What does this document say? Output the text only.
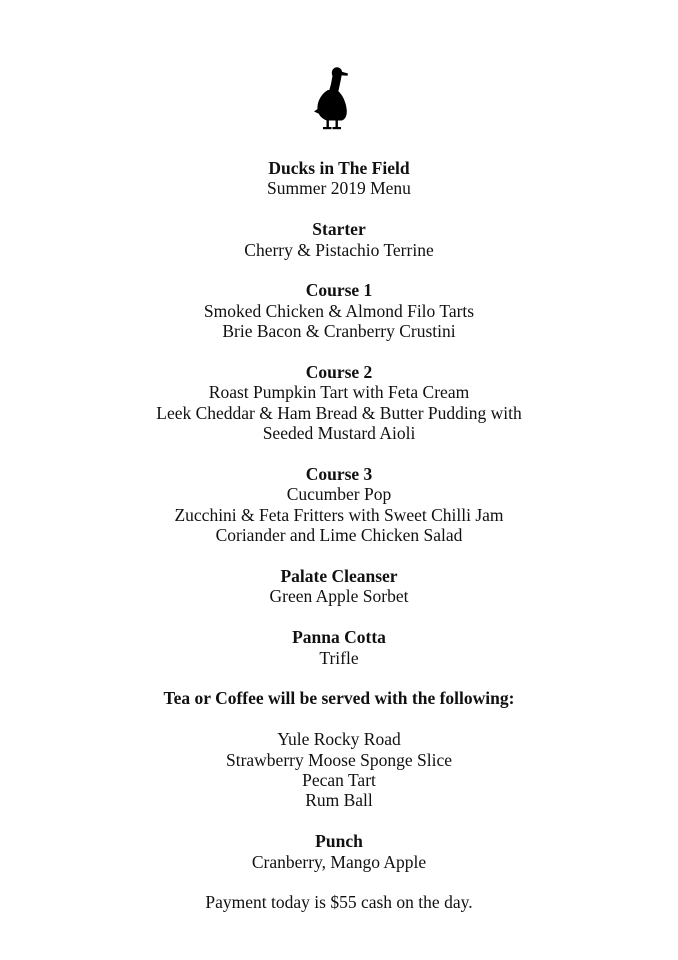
Ducks in The Field
Summer 2019 Menu
Starter
Cherry & Pistachio Terrine
Course 1
Smoked Chicken & Almond Filo Tarts
Brie Bacon & Cranberry Crustini
Course 2
Roast Pumpkin Tart with Feta Cream
Leek Cheddar & Ham Bread & Butter Pudding with
Seeded Mustard Aioli
Course 3
Cucumber Pop
Zucchini & Feta Fritters with Sweet Chilli Jam
Coriander and Lime Chicken Salad
Palate Cleanser
Green Apple Sorbet
Panna Cotta
Trifle
Tea or Coffee will be served with the following:
Yule Rocky Road
Strawberry Moose Sponge Slice
Pecan Tart
Rum Ball
Punch
Cranberry, Mango Apple
Payment today is $55 cash on the day.
